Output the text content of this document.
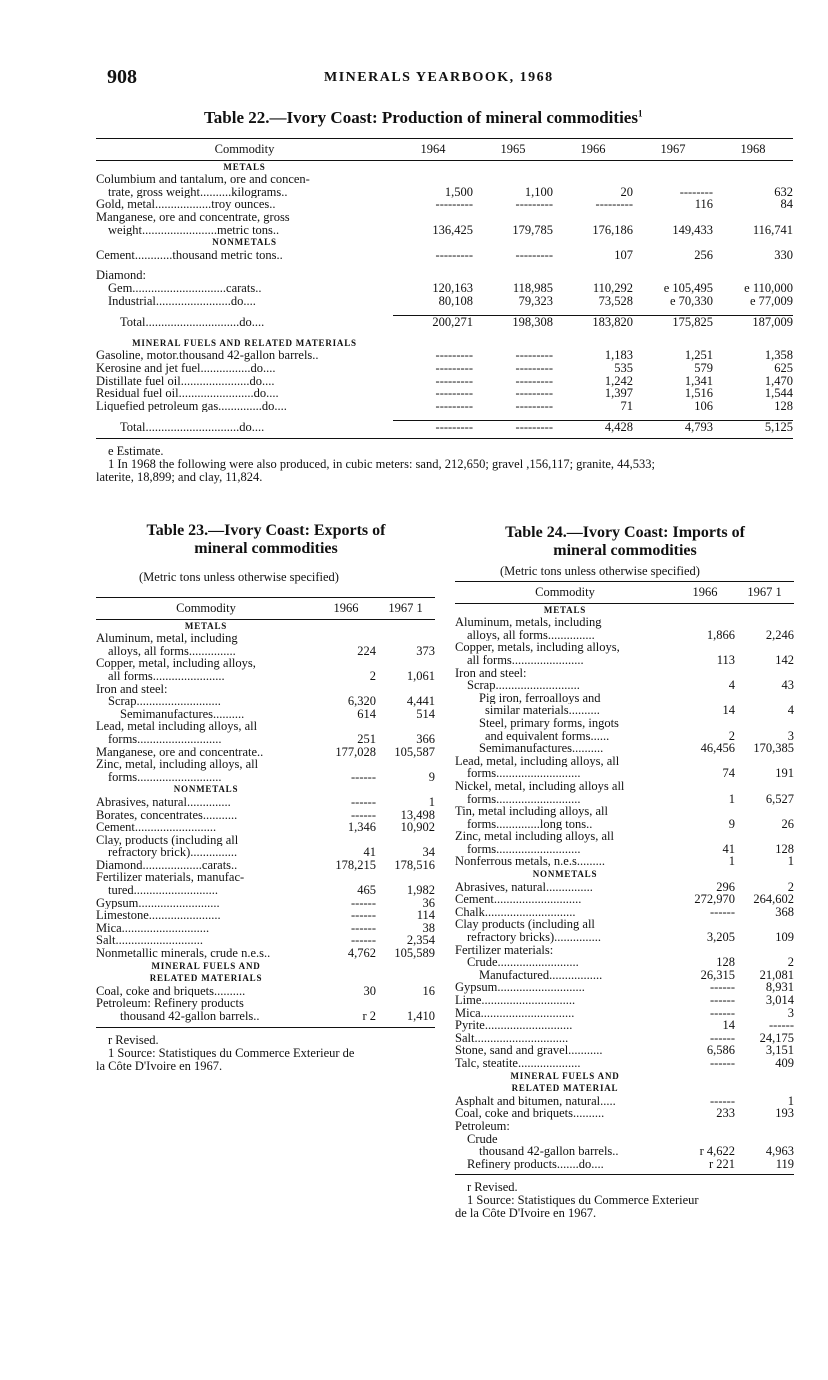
908	MINERALS YEARBOOK, 1968
Table 22.—Ivory Coast: Production of mineral commodities$^1$
Commodity	1964	1965	1966	1967	1968
METALS					
Columbium and tantalum, ore and concen-					
trate, gross weight..........kilograms..	1,500	1,100	20	--------	632
Gold, metal..................troy ounces..	---------	---------	---------	116	84
Manganese, ore and concentrate, gross					
weight........................metric tons..	136,425	179,785	176,186	149,433	116,741
NONMETALS					
Cement............thousand metric tons..	---------	---------	107	256	330

Diamond:					
Gem..............................carats..	120,163	118,985	110,292	e 105,495	e 110,000
Industrial........................do....	80,108	79,323	73,528	e 70,330	e 77,009

Total..............................do....	200,271	198,308	183,820	175,825	187,009

MINERAL FUELS AND RELATED MATERIALS					
Gasoline, motor.thousand 42-gallon barrels..	---------	---------	1,183	1,251	1,358
Kerosine and jet fuel................do....	---------	---------	535	579	625
Distillate fuel oil......................do....	---------	---------	1,242	1,341	1,470
Residual fuel oil........................do....	---------	---------	1,397	1,516	1,544
Liquefied petroleum gas..............do....	---------	---------	71	106	128

Total..............................do....	---------	---------	4,428	4,793	5,125
e Estimate.
1 In 1968 the following were also produced, in cubic meters: sand, 212,650; gravel ,156,117; granite, 44,533;
laterite, 18,899; and clay, 11,824.
Table 23.—Ivory Coast: Exports of
mineral commodities
(Metric tons unless otherwise specified)
Commodity	1966	1967 1
METALS		
Aluminum, metal, including		
alloys, all forms...............	224	373
Copper, metal, including alloys,		
all forms.......................	2	1,061
Iron and steel:		
Scrap...........................	6,320	4,441
Semimanufactures..........	614	514
Lead, metal including alloys, all		
forms...........................	251	366
Manganese, ore and concentrate..	177,028	105,587
Zinc, metal, including alloys, all		
forms...........................	------	9
NONMETALS		
Abrasives, natural..............	------	1
Borates, concentrates...........	------	13,498
Cement..........................	1,346	10,902
Clay, products (including all		
refractory brick)...............	41	34
Diamond...................carats..	178,215	178,516
Fertilizer materials, manufac-		
tured...........................	465	1,982
Gypsum..........................	------	36
Limestone.......................	------	114
Mica............................	------	38
Salt............................	------	2,354
Nonmetallic minerals, crude n.e.s..	4,762	105,589
MINERAL FUELS AND		
RELATED MATERIALS		
Coal, coke and briquets..........	30	16
Petroleum: Refinery products		
thousand 42-gallon barrels..	r 2	1,410
r Revised.
1 Source: Statistiques du Commerce Exterieur de
la Côte D'Ivoire en 1967.
Table 24.—Ivory Coast: Imports of
mineral commodities
(Metric tons unless otherwise specified)
Commodity	1966	1967 1
METALS		
Aluminum, metals, including		
alloys, all forms...............	1,866	2,246
Copper, metals, including alloys,		
all forms.......................	113	142
Iron and steel:		
Scrap...........................	4	43
Pig iron, ferroalloys and		
similar materials..........	14	4
Steel, primary forms, ingots		
and equivalent forms......	2	3
Semimanufactures..........	46,456	170,385
Lead, metal, including alloys, all		
forms...........................	74	191
Nickel, metal, including alloys all		
forms...........................	1	6,527
Tin, metal including alloys, all		
forms..............long tons..	9	26
Zinc, metal including alloys, all		
forms...........................	41	128
Nonferrous metals, n.e.s.........	1	1
NONMETALS		
Abrasives, natural...............	296	2
Cement............................	272,970	264,602
Chalk.............................	------	368
Clay products (including all		
refractory bricks)...............	3,205	109
Fertilizer materials:		
Crude..........................	128	2
Manufactured.................	26,315	21,081
Gypsum............................	------	8,931
Lime..............................	------	3,014
Mica..............................	------	3
Pyrite............................	14	------
Salt..............................	------	24,175
Stone, sand and gravel...........	6,586	3,151
Talc, steatite....................	------	409
MINERAL FUELS AND		
RELATED MATERIAL		
Asphalt and bitumen, natural.....	------	1
Coal, coke and briquets..........	233	193
Petroleum:		
Crude		
thousand 42-gallon barrels..	r 4,622	4,963
Refinery products.......do....	r 221	119
r Revised.
1 Source: Statistiques du Commerce Exterieur
de la Côte D'Ivoire en 1967.
